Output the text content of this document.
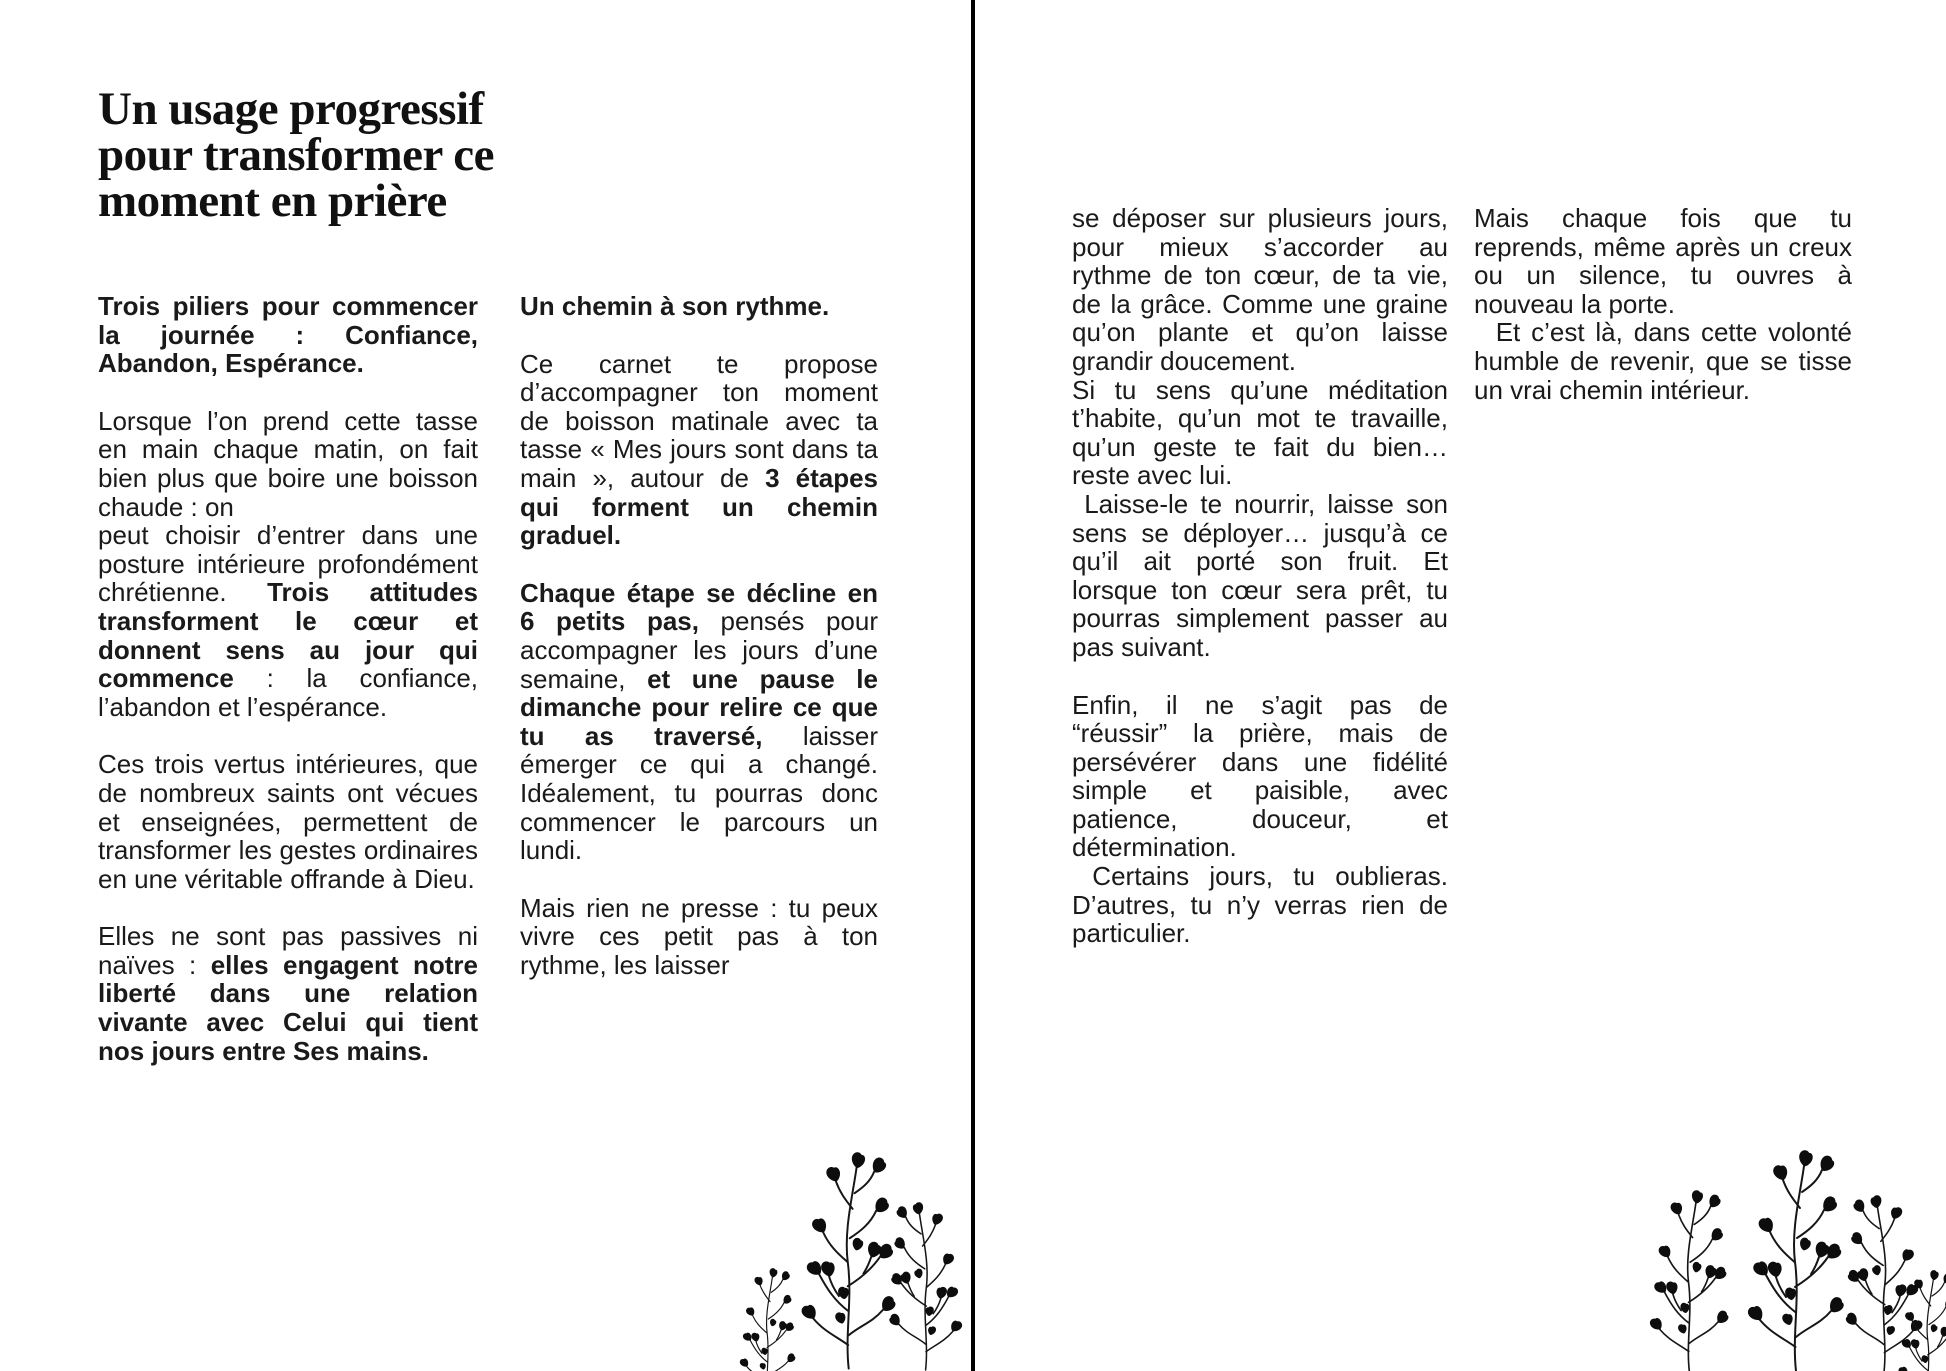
Un usage progressif
pour transformer ce
moment en prière

Trois piliers pour commencer la journée : Confiance, Abandon, Espérance.

Lorsque l’on prend cette tasse en main chaque matin, on fait bien plus que boire une boisson chaude : on
peut choisir d’entrer dans une posture intérieure profondément chrétienne. Trois attitudes transforment le cœur et donnent sens au jour qui commence : la confiance, l’abandon et l’espérance.

Ces trois vertus intérieures, que de nombreux saints ont vécues et enseignées, permettent de transformer les gestes ordinaires en une véritable offrande à Dieu.

Elles ne sont pas passives ni naïves : elles engagent notre liberté dans une relation vivante avec Celui qui tient nos jours entre Ses mains.

Un chemin à son rythme.

Ce carnet te propose d’accompagner ton moment de boisson matinale avec ta tasse « Mes jours sont dans ta main », autour de 3 étapes qui forment un chemin graduel.

Chaque étape se décline en 6 petits pas, pensés pour accompagner les jours d’une semaine, et une pause le dimanche pour relire ce que tu as traversé, laisser émerger ce qui a changé. Idéalement, tu pourras donc commencer le parcours un lundi.

Mais rien ne presse : tu peux vivre ces petit pas à ton rythme, les laisser

se déposer sur plusieurs jours, pour mieux s’accorder au rythme de ton cœur, de ta vie, de la grâce. Comme une graine qu’on plante et qu’on laisse grandir doucement.
Si tu sens qu’une méditation t’habite, qu’un mot te travaille, qu’un geste te fait du bien… reste avec lui.
Laisse-le te nourrir, laisse son sens se déployer… jusqu’à ce qu’il ait porté son fruit. Et lorsque ton cœur sera prêt, tu pourras simplement passer au pas suivant.

Enfin, il ne s’agit pas de “réussir” la prière, mais de persévérer dans une fidélité simple et paisible, avec patience, douceur, et détermination.
Certains jours, tu oublieras. D’autres, tu n’y verras rien de particulier.

Mais chaque fois que tu reprends, même après un creux ou un silence, tu ouvres à nouveau la porte.
Et c’est là, dans cette volonté humble de revenir, que se tisse un vrai chemin intérieur.
